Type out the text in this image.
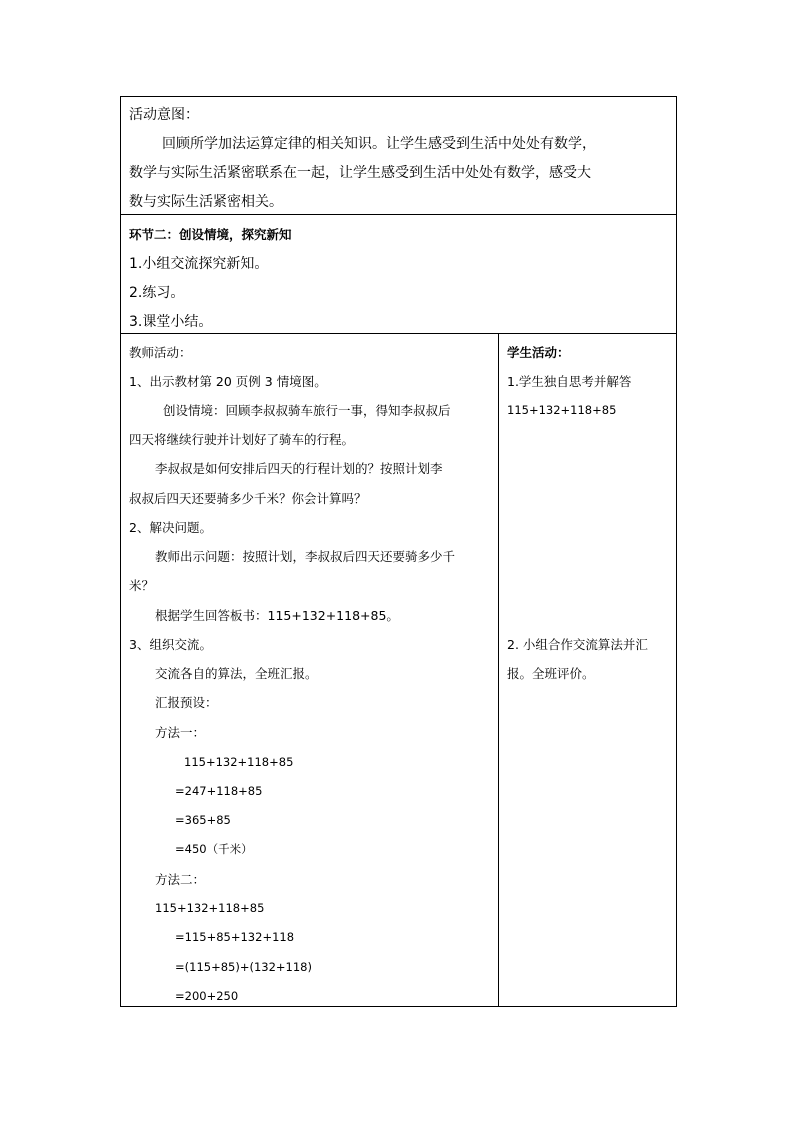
活动意图：
回顾所学加法运算定律的相关知识。让学生感受到生活中处处有数学，
数学与实际生活紧密联系在一起，让学生感受到生活中处处有数学，感受大
数与实际生活紧密相关。
环节二：创设情境，探究新知
1.小组交流探究新知。
2.练习。
3.课堂小结。
教师活动：
1、出示教材第 20 页例 3 情境图。
创设情境：回顾李叔叔骑车旅行一事，得知李叔叔后
四天将继续行驶并计划好了骑车的行程。
李叔叔是如何安排后四天的行程计划的？按照计划李
叔叔后四天还要骑多少千米？你会计算吗？
2、解决问题。
教师出示问题：按照计划，李叔叔后四天还要骑多少千
米？
根据学生回答板书：115+132+118+85。
3、组织交流。
交流各自的算法，全班汇报。
汇报预设：
方法一：
115+132+118+85
=247+118+85
=365+85
=450（千米）
方法二：
115+132+118+85
=115+85+132+118
=(115+85)+(132+118)
=200+250
学生活动：
1.学生独自思考并解答
115+132+118+85
2. 小组合作交流算法并汇
报。全班评价。
